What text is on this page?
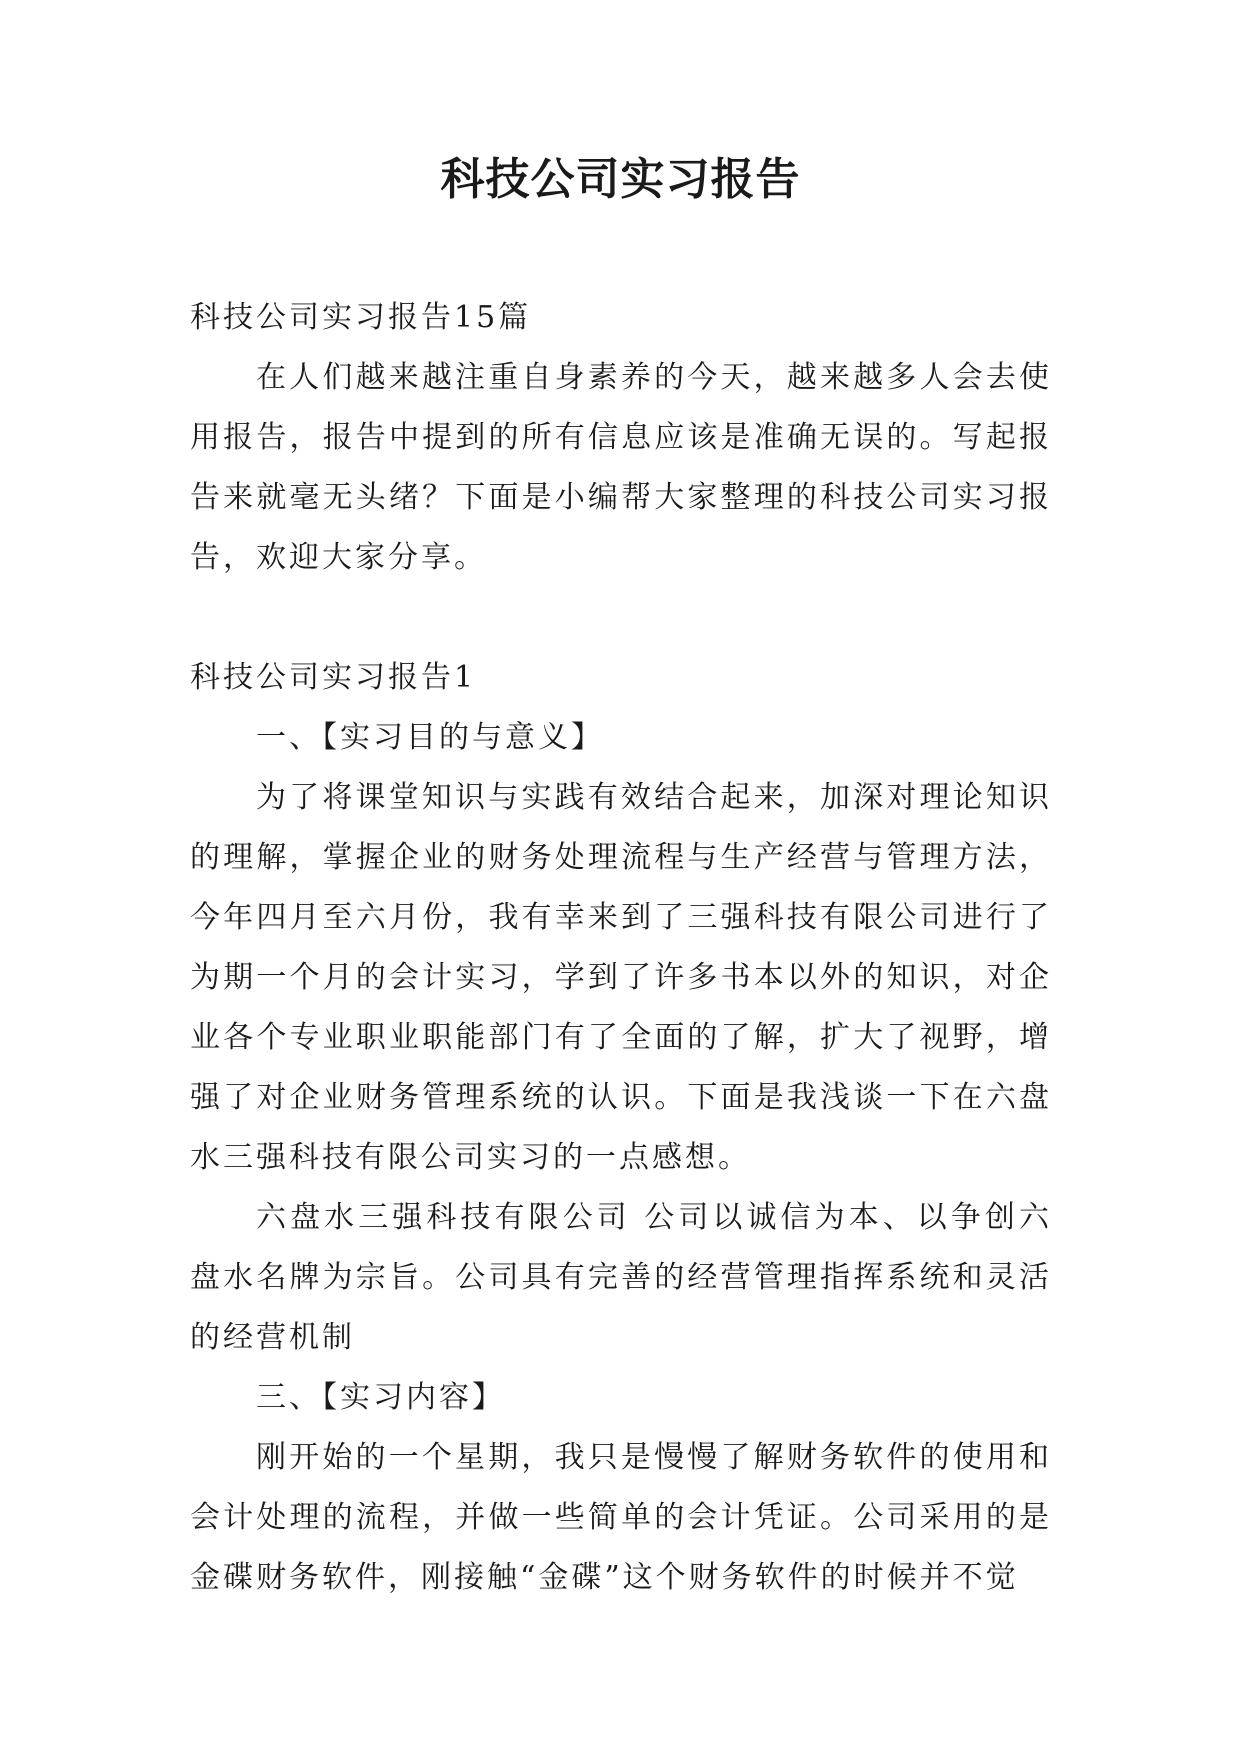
科技公司实习报告

科技公司实习报告15篇

在人们越来越注重自身素养的今天，越来越多人会去使用报告，报告中提到的所有信息应该是准确无误的。写起报告来就毫无头绪？下面是小编帮大家整理的科技公司实习报告，欢迎大家分享。

科技公司实习报告1

一、【实习目的与意义】

为了将课堂知识与实践有效结合起来，加深对理论知识的理解，掌握企业的财务处理流程与生产经营与管理方法，今年四月至六月份，我有幸来到了三强科技有限公司进行了为期一个月的会计实习，学到了许多书本以外的知识，对企业各个专业职业职能部门有了全面的了解，扩大了视野，增强了对企业财务管理系统的认识。下面是我浅谈一下在六盘水三强科技有限公司实习的一点感想。

六盘水三强科技有限公司 公司以诚信为本、以争创六盘水名牌为宗旨。公司具有完善的经营管理指挥系统和灵活的经营机制

三、【实习内容】

刚开始的一个星期，我只是慢慢了解财务软件的使用和会计处理的流程，并做一些简单的会计凭证。公司采用的是金碟财务软件，刚接触“金碟”这个财务软件的时候并不觉
